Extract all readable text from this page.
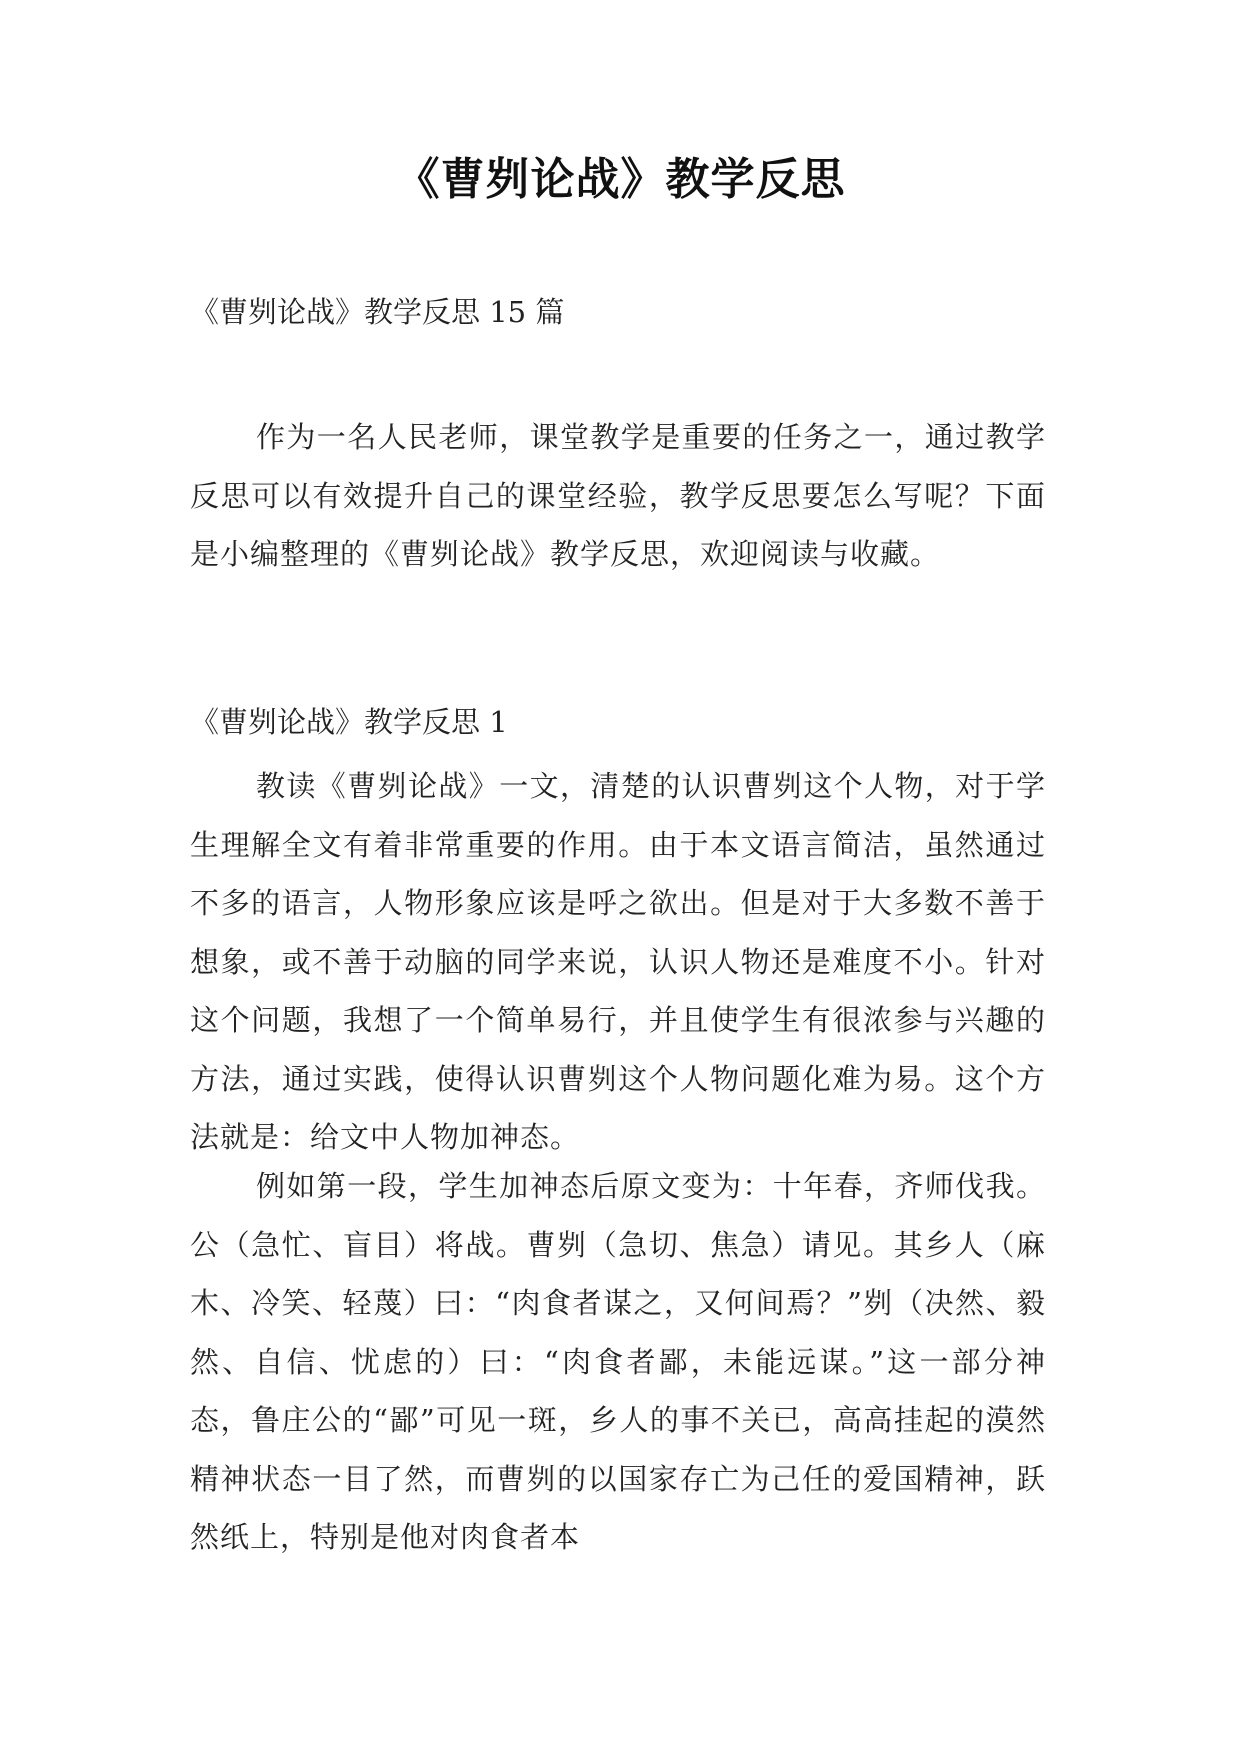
《曹刿论战》教学反思

《曹刿论战》教学反思 15 篇

作为一名人民老师，课堂教学是重要的任务之一，通过教学反思可以有效提升自己的课堂经验，教学反思要怎么写呢？下面是小编整理的《曹刿论战》教学反思，欢迎阅读与收藏。

《曹刿论战》教学反思 1

教读《曹刿论战》一文，清楚的认识曹刿这个人物，对于学生理解全文有着非常重要的作用。由于本文语言简洁，虽然通过不多的语言，人物形象应该是呼之欲出。但是对于大多数不善于想象，或不善于动脑的同学来说，认识人物还是难度不小。针对这个问题，我想了一个简单易行，并且使学生有很浓参与兴趣的方法，通过实践，使得认识曹刿这个人物问题化难为易。这个方法就是：给文中人物加神态。

例如第一段，学生加神态后原文变为：十年春，齐师伐我。公（急忙、盲目）将战。曹刿（急切、焦急）请见。其乡人（麻木、冷笑、轻蔑）曰：“肉食者谋之，又何间焉？”刿（决然、毅然、自信、忧虑的）曰：“肉食者鄙，未能远谋。”这一部分神态，鲁庄公的“鄙”可见一斑，乡人的事不关已，高高挂起的漠然精神状态一目了然，而曹刿的以国家存亡为己任的爱国精神，跃然纸上，特别是他对肉食者本
